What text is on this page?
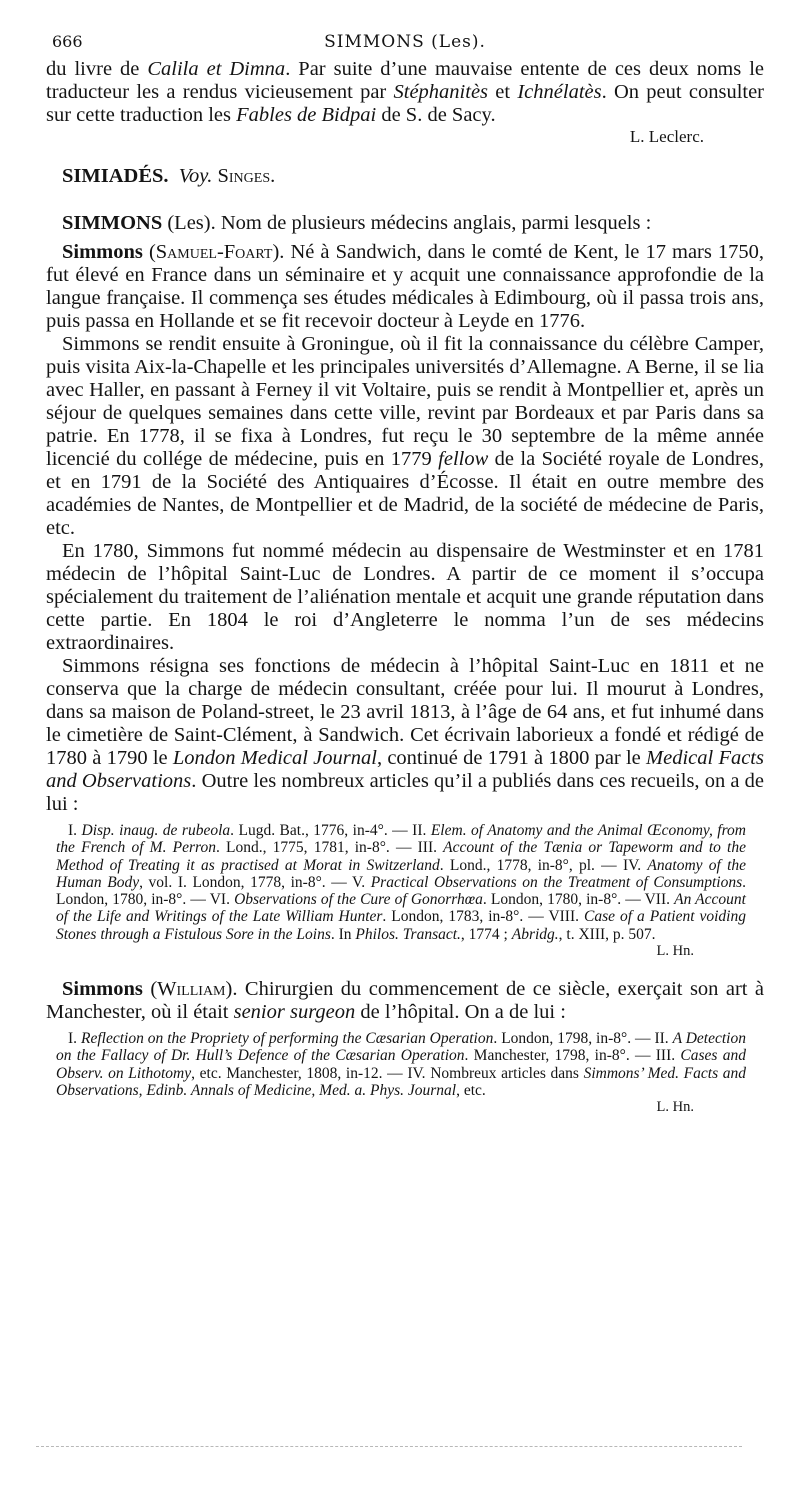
666	SIMMONS (Les).

du livre de Calila et Dimna. Par suite d’une mauvaise entente de ces deux noms le traducteur les a rendus vicieusement par Stéphanitès et Ichnélatès. On peut consulter sur cette traduction les Fables de Bidpai de S. de Sacy.

L. Leclerc.

SIMIADÉS. Voy. Singes.

SIMMONS (Les). Nom de plusieurs médecins anglais, parmi lesquels :

Simmons (Samuel-Foart). Né à Sandwich, dans le comté de Kent, le 17 mars 1750, fut élevé en France dans un séminaire et y acquit une connaissance approfondie de la langue française. Il commença ses études médicales à Edimbourg, où il passa trois ans, puis passa en Hollande et se fit recevoir docteur à Leyde en 1776.

Simmons se rendit ensuite à Groningue, où il fit la connaissance du célèbre Camper, puis visita Aix-la-Chapelle et les principales universités d’Allemagne. A Berne, il se lia avec Haller, en passant à Ferney il vit Voltaire, puis se rendit à Montpellier et, après un séjour de quelques semaines dans cette ville, revint par Bordeaux et par Paris dans sa patrie. En 1778, il se fixa à Londres, fut reçu le 30 septembre de la même année licencié du collége de médecine, puis en 1779 fellow de la Société royale de Londres, et en 1791 de la Société des Antiquaires d’Écosse. Il était en outre membre des académies de Nantes, de Montpellier et de Madrid, de la société de médecine de Paris, etc.

En 1780, Simmons fut nommé médecin au dispensaire de Westminster et en 1781 médecin de l’hôpital Saint-Luc de Londres. A partir de ce moment il s’occupa spécialement du traitement de l’aliénation mentale et acquit une grande réputation dans cette partie. En 1804 le roi d’Angleterre le nomma l’un de ses médecins extraordinaires.

Simmons résigna ses fonctions de médecin à l’hôpital Saint-Luc en 1811 et ne conserva que la charge de médecin consultant, créée pour lui. Il mourut à Londres, dans sa maison de Poland-street, le 23 avril 1813, à l’âge de 64 ans, et fut inhumé dans le cimetière de Saint-Clément, à Sandwich. Cet écrivain laborieux a fondé et rédigé de 1780 à 1790 le London Medical Journal, continué de 1791 à 1800 par le Medical Facts and Observations. Outre les nombreux articles qu’il a publiés dans ces recueils, on a de lui :

I. Disp. inaug. de rubeola. Lugd. Bat., 1776, in-4°. — II. Elem. of Anatomy and the Animal Œconomy, from the French of M. Perron. Lond., 1775, 1781, in-8°. — III. Account of the Tænia or Tapeworm and to the Method of Treating it as practised at Morat in Switzerland. Lond., 1778, in-8°, pl. — IV. Anatomy of the Human Body, vol. I. London, 1778, in-8°. — V. Practical Observations on the Treatment of Consumptions. London, 1780, in-8°. — VI. Observations of the Cure of Gonorrhœa. London, 1780, in-8°. — VII. An Account of the Life and Writings of the Late William Hunter. London, 1783, in-8°. — VIII. Case of a Patient voiding Stones through a Fistulous Sore in the Loins. In Philos. Transact., 1774 ; Abridg., t. XIII, p. 507.

L. Hn.

Simmons (William). Chirurgien du commencement de ce siècle, exerçait son art à Manchester, où il était senior surgeon de l’hôpital. On a de lui :

I. Reflection on the Propriety of performing the Cæsarian Operation. London, 1798, in-8°. — II. A Detection on the Fallacy of Dr. Hull’s Defence of the Cæsarian Operation. Manchester, 1798, in-8°. — III. Cases and Observ. on Lithotomy, etc. Manchester, 1808, in-12. — IV. Nombreux articles dans Simmons’ Med. Facts and Observations, Edinb. Annals of Medicine, Med. a. Phys. Journal, etc.

L. Hn.
